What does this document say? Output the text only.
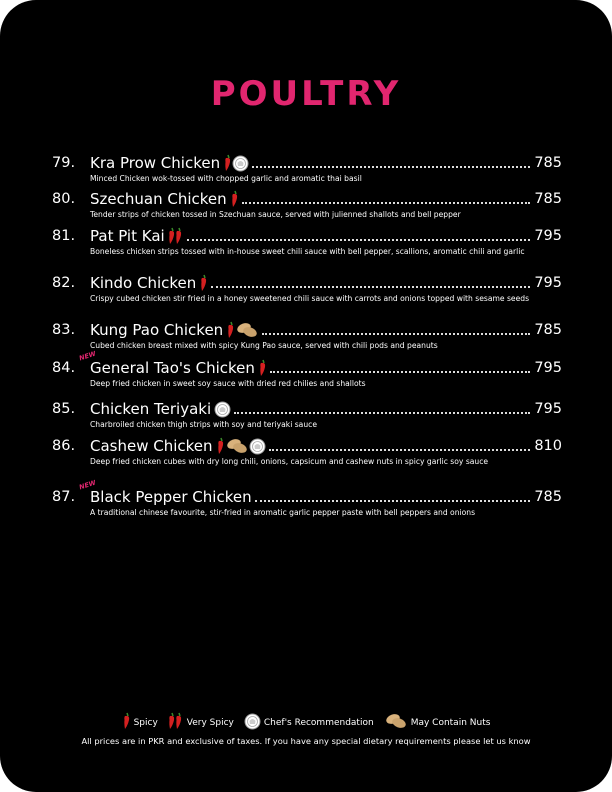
POULTRY
79. Kra Prow Chicken	785
Minced Chicken wok-tossed with chopped garlic and aromatic thai basil
80. Szechuan Chicken	785
Tender strips of chicken tossed in Szechuan sauce, served with julienned shallots and bell pepper
81. Pat Pit Kai	795
Boneless chicken strips tossed with in-house sweet chili sauce with bell pepper, scallions, aromatic chili and garlic
82. Kindo Chicken	795
Crispy cubed chicken stir fried in a honey sweetened chili sauce with carrots and onions topped with sesame seeds
83. Kung Pao Chicken	785
Cubed chicken breast mixed with spicy Kung Pao sauce, served with chili pods and peanuts
NEW
84. General Tao's Chicken	795
Deep fried chicken in sweet soy sauce with dried red chilies and shallots
85. Chicken Teriyaki	795
Charbroiled chicken thigh strips with soy and teriyaki sauce
86. Cashew Chicken	810
Deep fried chicken cubes with dry long chili, onions, capsicum and cashew nuts in spicy garlic soy sauce
NEW
87. Black Pepper Chicken	785
A traditional chinese favourite, stir-fried in aromatic garlic pepper paste with bell peppers and onions
Spicy	Very Spicy	Chef's Recommendation	May Contain Nuts
All prices are in PKR and exclusive of taxes. If you have any special dietary requirements please let us know
